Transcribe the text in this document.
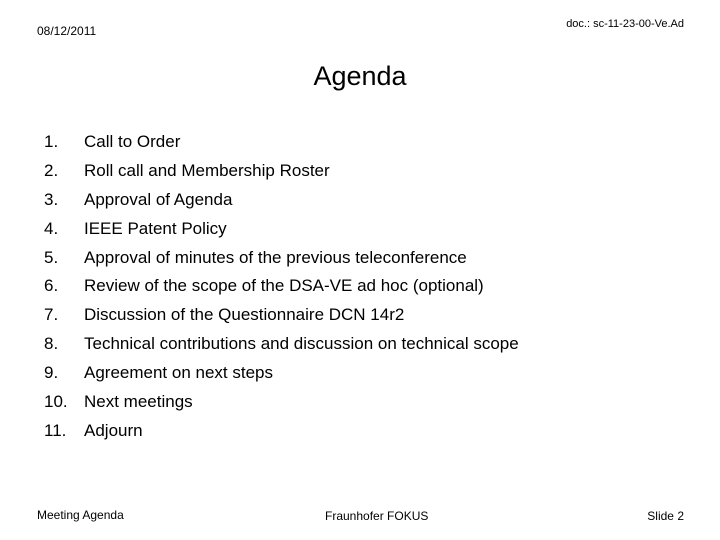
08/12/2011	doc.: sc-11-23-00-Ve.Ad
Agenda
1.	Call to Order
2.	Roll call and Membership Roster
3.	Approval of Agenda
4.	IEEE Patent Policy
5.	Approval of minutes of the previous teleconference
6.	Review of the scope of the DSA-VE ad hoc (optional)
7.	Discussion of the Questionnaire DCN 14r2
8.	Technical contributions and discussion on technical scope
9.	Agreement on next steps
10. Next meetings
11.	Adjourn
Meeting Agenda	Fraunhofer FOKUS	Slide 2
